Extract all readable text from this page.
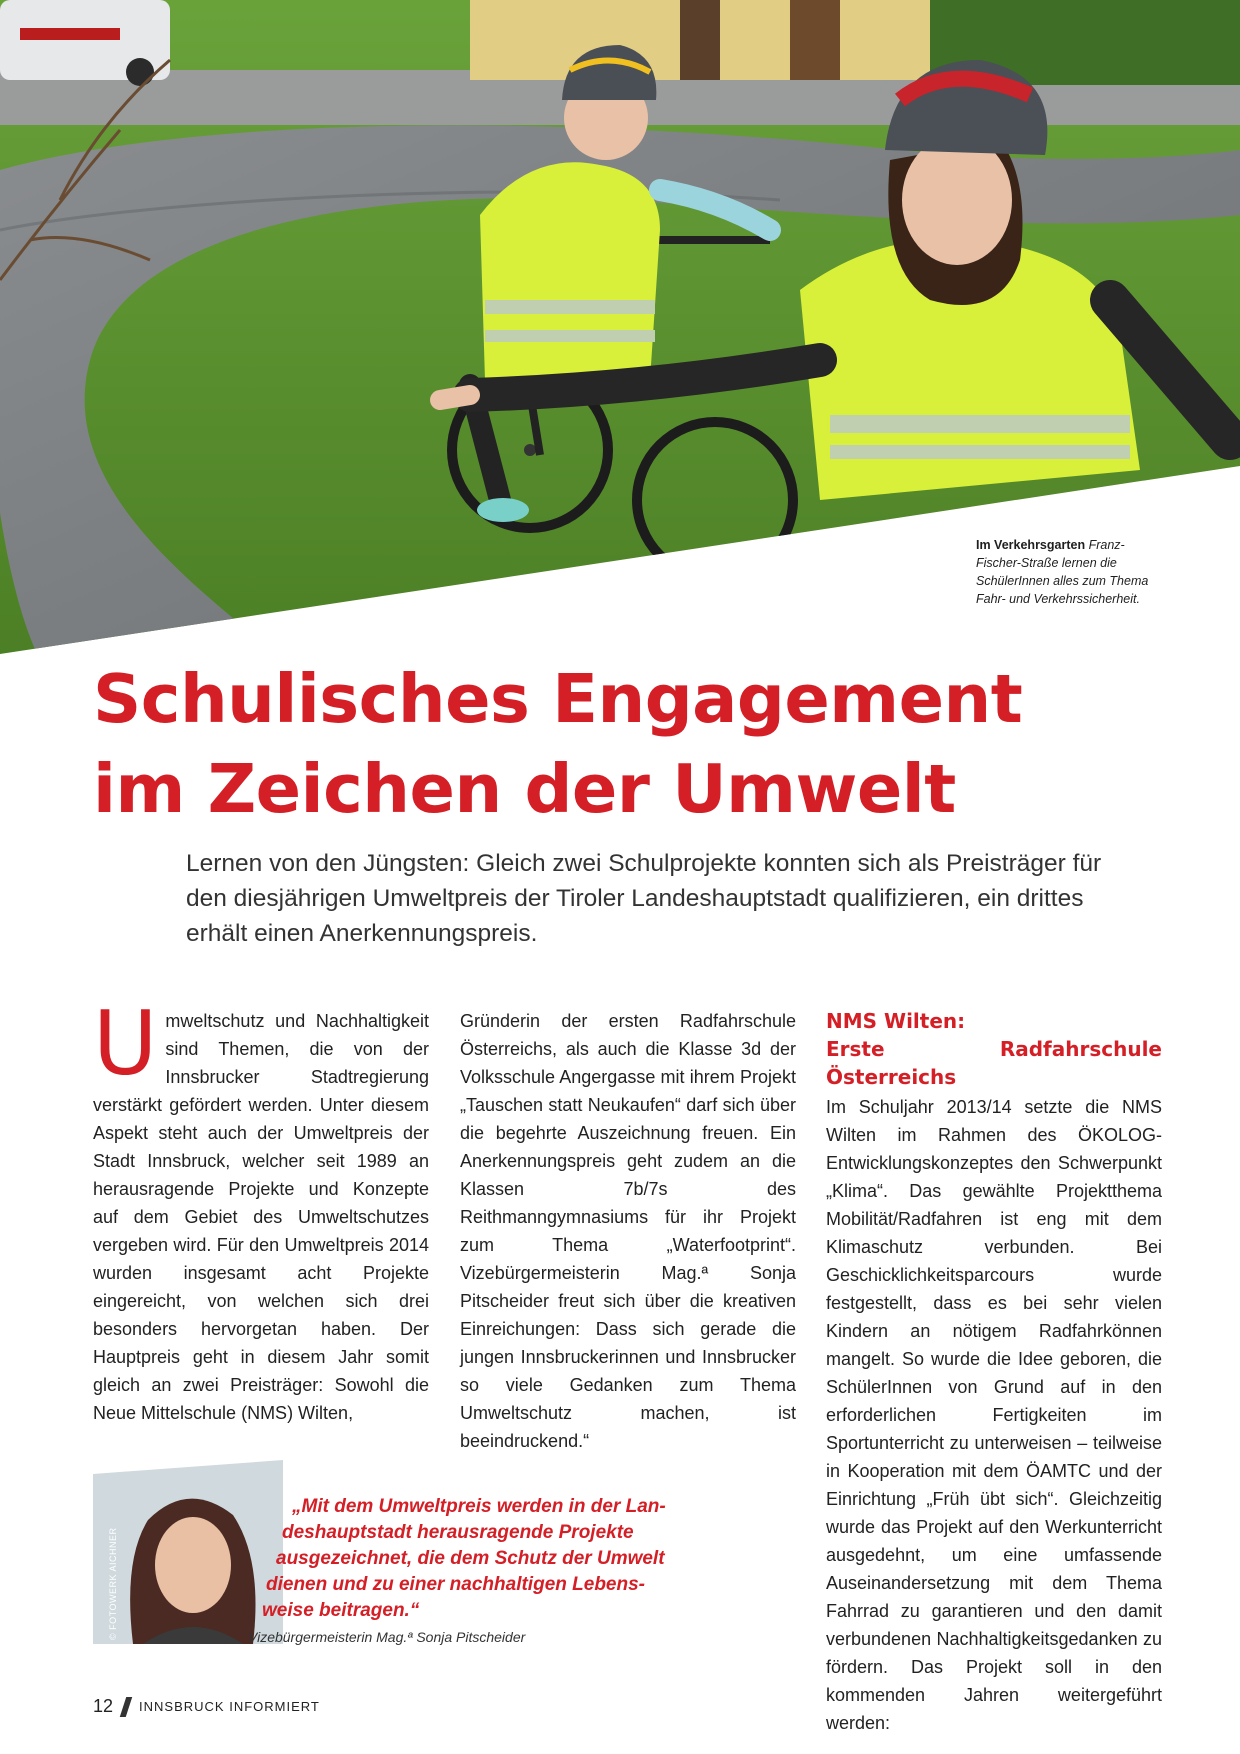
Im Verkehrsgarten Franz-Fischer-Straße lernen die SchülerInnen alles zum Thema Fahr- und Verkehrssicherheit.
Schulisches Engagement
im Zeichen der Umwelt

Lernen von den Jüngsten: Gleich zwei Schulprojekte konnten sich als Preisträger für den diesjährigen Umweltpreis der Tiroler Landeshauptstadt qualifizieren, ein drittes erhält einen Anerkennungspreis.

U mweltschutz und Nachhaltigkeit sind Themen, die von der Innsbrucker Stadtregierung verstärkt gefördert werden. Unter diesem Aspekt steht auch der Umweltpreis der Stadt Innsbruck, welcher seit 1989 an herausragende Projekte und Konzepte auf dem Gebiet des Umweltschutzes vergeben wird. Für den Umweltpreis 2014 wurden insgesamt acht Projekte eingereicht, von welchen sich drei besonders hervorgetan haben. Der Hauptpreis geht in diesem Jahr somit gleich an zwei Preisträger: Sowohl die Neue Mittelschule (NMS) Wilten,

Gründerin der ersten Radfahrschule Österreichs, als auch die Klasse 3d der Volksschule Angergasse mit ihrem Projekt „Tauschen statt Neukaufen“ darf sich über die begehrte Auszeichnung freuen. Ein Anerkennungspreis geht zudem an die Klassen 7b/7s des Reithmanngymnasiums für ihr Projekt zum Thema „Waterfootprint“. Vizebürgermeisterin Mag.ª Sonja Pitscheider freut sich über die kreativen Einreichungen: Dass sich gerade die jungen Innsbruckerinnen und Innsbrucker so viele Gedanken zum Thema Umweltschutz machen, ist beeindruckend.“

NMS Wilten:
Erste Radfahrschule Österreichs

Im Schuljahr 2013/14 setzte die NMS Wilten im Rahmen des ÖKOLOG-Entwicklungskonzeptes den Schwerpunkt „Klima“. Das gewählte Projektthema Mobilität/Radfahren ist eng mit dem Klimaschutz verbunden. Bei Geschicklichkeitsparcours wurde festgestellt, dass es bei sehr vielen Kindern an nötigem Radfahrkönnen mangelt. So wurde die Idee geboren, die SchülerInnen von Grund auf in den erforderlichen Fertigkeiten im Sportunterricht zu unterweisen – teilweise in Kooperation mit dem ÖAMTC und der Einrichtung „Früh übt sich“. Gleichzeitig wurde das Projekt auf den Werkunterricht ausgedehnt, um eine umfassende Auseinandersetzung mit dem Thema Fahrrad zu garantieren und den damit verbundenen Nachhaltigkeitsgedanken zu fördern. Das Projekt soll in den kommenden Jahren weitergeführt werden:

© FOTOWERK AICHNER

„Mit dem Umweltpreis werden in der Lan-
deshauptstadt herausragende Projekte
ausgezeichnet, die dem Schutz der Umwelt
dienen und zu einer nachhaltigen Lebens-
weise beitragen.“

Vizebürgermeisterin Mag.ª Sonja Pitscheider
12 INNSBRUCK INFORMIERT
